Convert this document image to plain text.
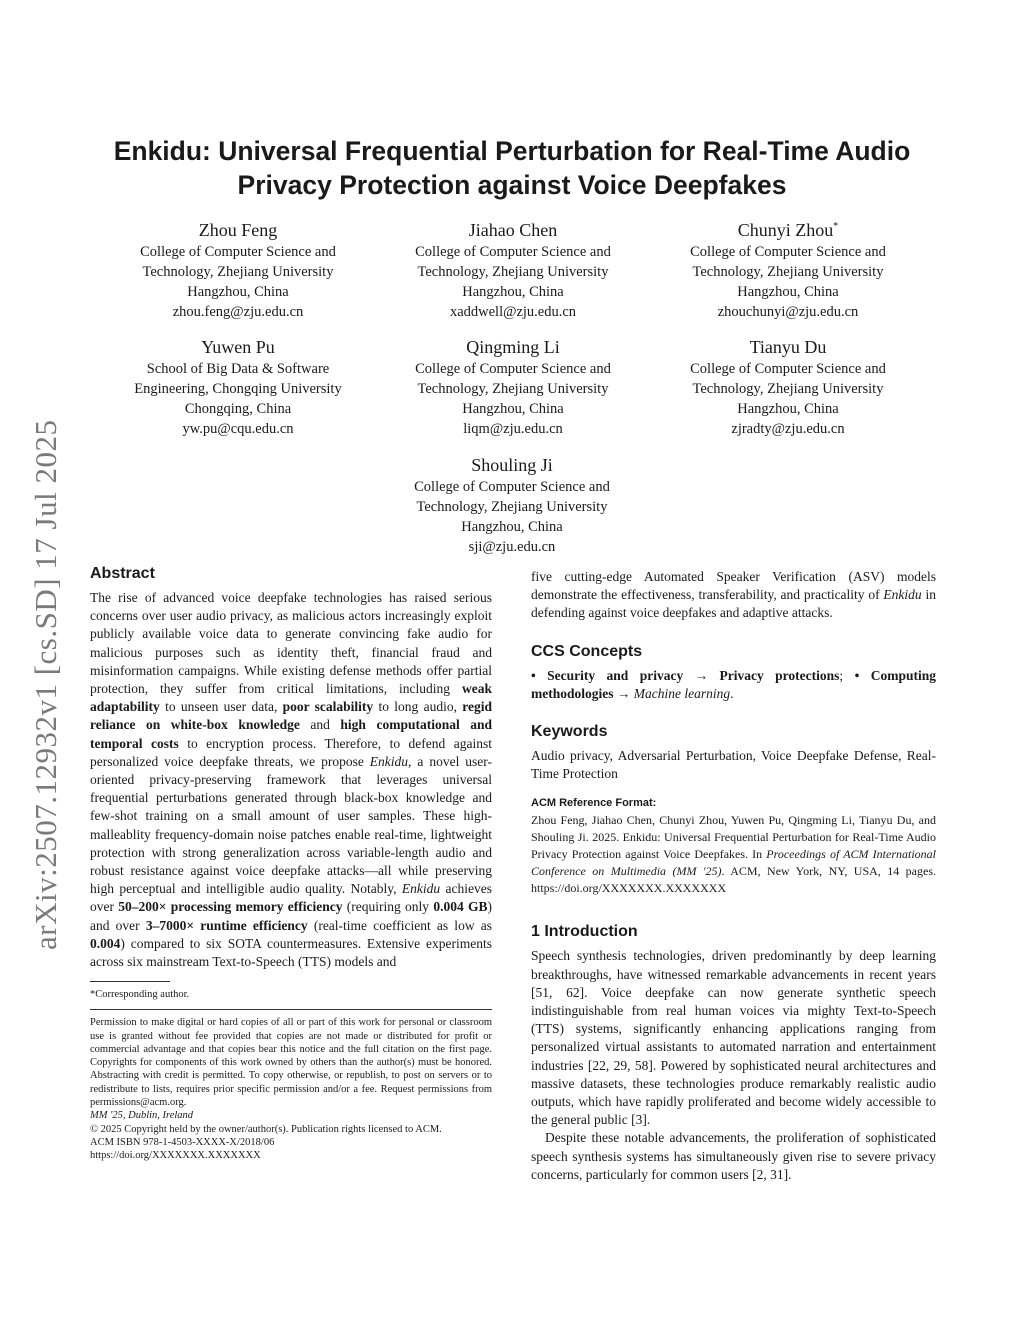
arXiv:2507.12932v1 [cs.SD] 17 Jul 2025
Enkidu: Universal Frequential Perturbation for Real-Time Audio
Privacy Protection against Voice Deepfakes
Zhou Feng
College of Computer Science and
Technology, Zhejiang University
Hangzhou, China
zhou.feng@zju.edu.cn
Jiahao Chen
College of Computer Science and
Technology, Zhejiang University
Hangzhou, China
xaddwell@zju.edu.cn
Chunyi Zhou*
College of Computer Science and
Technology, Zhejiang University
Hangzhou, China
zhouchunyi@zju.edu.cn
Yuwen Pu
School of Big Data & Software
Engineering, Chongqing University
Chongqing, China
yw.pu@cqu.edu.cn
Qingming Li
College of Computer Science and
Technology, Zhejiang University
Hangzhou, China
liqm@zju.edu.cn
Tianyu Du
College of Computer Science and
Technology, Zhejiang University
Hangzhou, China
zjradty@zju.edu.cn
Shouling Ji
College of Computer Science and
Technology, Zhejiang University
Hangzhou, China
sji@zju.edu.cn
Abstract

The rise of advanced voice deepfake technologies has raised serious concerns over user audio privacy, as malicious actors increasingly exploit publicly available voice data to generate convincing fake audio for malicious purposes such as identity theft, financial fraud and misinformation campaigns. While existing defense methods offer partial protection, they suffer from critical limitations, including weak adaptability to unseen user data, poor scalability to long audio, regid reliance on white-box knowledge and high computational and temporal costs to encryption process. Therefore, to defend against personalized voice deepfake threats, we propose Enkidu, a novel user-oriented privacy-preserving framework that leverages universal frequential perturbations generated through black-box knowledge and few-shot training on a small amount of user samples. These high-malleablity frequency-domain noise patches enable real-time, lightweight protection with strong generalization across variable-length audio and robust resistance against voice deepfake attacks—all while preserving high perceptual and intelligible audio quality. Notably, Enkidu achieves over 50–200× processing memory efficiency (requiring only 0.004 GB) and over 3–7000× runtime efficiency (real-time coefficient as low as 0.004) compared to six SOTA countermeasures. Extensive experiments across six mainstream Text-to-Speech (TTS) models and

*Corresponding author.
Permission to make digital or hard copies of all or part of this work for personal or classroom use is granted without fee provided that copies are not made or distributed for profit or commercial advantage and that copies bear this notice and the full citation on the first page. Copyrights for components of this work owned by others than the author(s) must be honored. Abstracting with credit is permitted. To copy otherwise, or republish, to post on servers or to redistribute to lists, requires prior specific permission and/or a fee. Request permissions from permissions@acm.org.
MM '25, Dublin, Ireland
© 2025 Copyright held by the owner/author(s). Publication rights licensed to ACM.
ACM ISBN 978-1-4503-XXXX-X/2018/06
https://doi.org/XXXXXXX.XXXXXXX

five cutting-edge Automated Speaker Verification (ASV) models demonstrate the effectiveness, transferability, and practicality of Enkidu in defending against voice deepfakes and adaptive attacks.

CCS Concepts

• Security and privacy → Privacy protections; • Computing methodologies → Machine learning.

Keywords

Audio privacy, Adversarial Perturbation, Voice Deepfake Defense, Real-Time Protection

ACM Reference Format:

Zhou Feng, Jiahao Chen, Chunyi Zhou, Yuwen Pu, Qingming Li, Tianyu Du, and Shouling Ji. 2025. Enkidu: Universal Frequential Perturbation for Real-Time Audio Privacy Protection against Voice Deepfakes. In Proceedings of ACM International Conference on Multimedia (MM '25). ACM, New York, NY, USA, 14 pages. https://doi.org/XXXXXXX.XXXXXXX

1 Introduction

Speech synthesis technologies, driven predominantly by deep learning breakthroughs, have witnessed remarkable advancements in recent years [51, 62]. Voice deepfake can now generate synthetic speech indistinguishable from real human voices via mighty Text-to-Speech (TTS) systems, significantly enhancing applications ranging from personalized virtual assistants to automated narration and entertainment industries [22, 29, 58]. Powered by sophisticated neural architectures and massive datasets, these technologies produce remarkably realistic audio outputs, which have rapidly proliferated and become widely accessible to the general public [3].

Despite these notable advancements, the proliferation of sophisticated speech synthesis systems has simultaneously given rise to severe privacy concerns, particularly for common users [2, 31].
